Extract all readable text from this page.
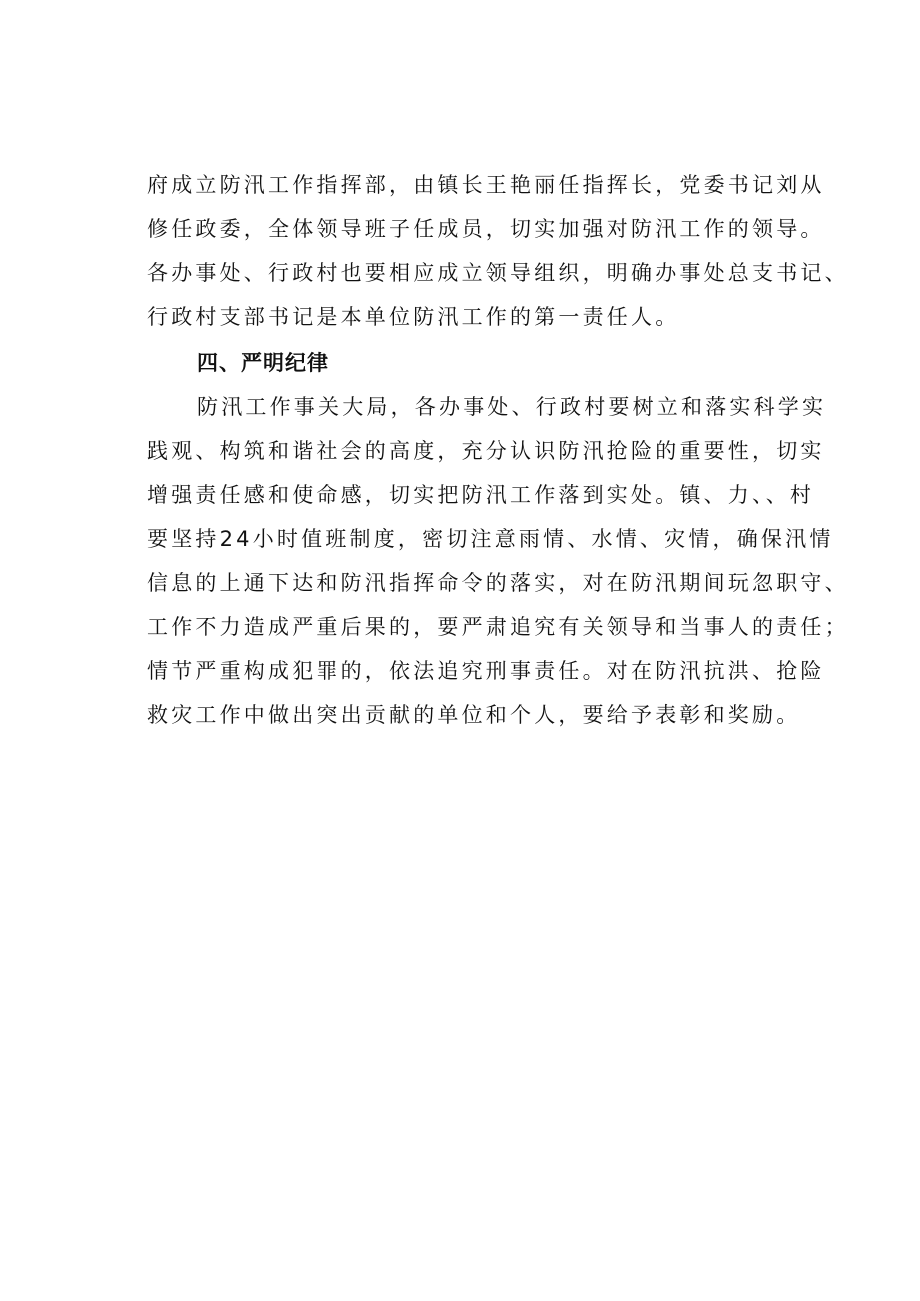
府成立防汛工作指挥部，由镇长王艳丽任指挥长，党委书记刘从
修任政委，全体领导班子任成员，切实加强对防汛工作的领导。
各办事处、行政村也要相应成立领导组织，明确办事处总支书记、
行政村支部书记是本单位防汛工作的第一责任人。
四、严明纪律
防汛工作事关大局，各办事处、行政村要树立和落实科学实
践观、构筑和谐社会的高度，充分认识防汛抢险的重要性，切实
增强责任感和使命感，切实把防汛工作落到实处。镇、力、、村
要坚持24小时值班制度，密切注意雨情、水情、灾情，确保汛情
信息的上通下达和防汛指挥命令的落实，对在防汛期间玩忽职守、
工作不力造成严重后果的，要严肃追究有关领导和当事人的责任；
情节严重构成犯罪的，依法追究刑事责任。对在防汛抗洪、抢险
救灾工作中做出突出贡献的单位和个人，要给予表彰和奖励。
